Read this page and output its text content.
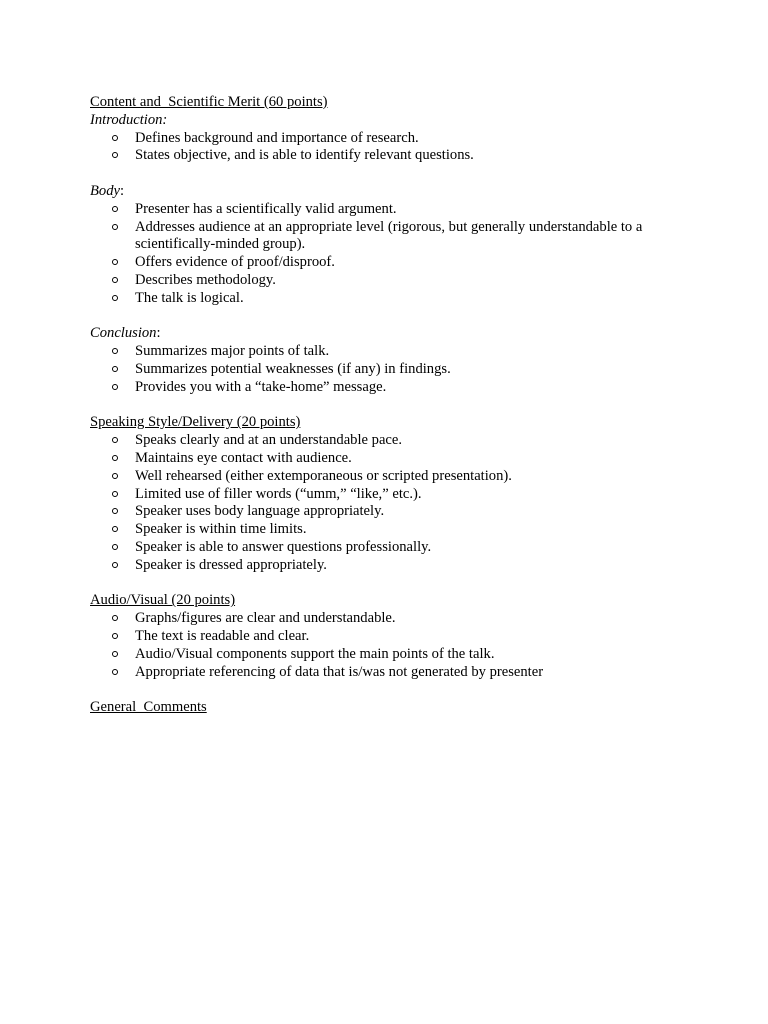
Content and  Scientific Merit (60 points)

Introduction:

Defines background and importance of research.
States objective, and is able to identify relevant questions.

Body:

Presenter has a scientifically valid argument.
Addresses audience at an appropriate level (rigorous, but generally understandable to a scientifically-minded group).
Offers evidence of proof/disproof.
Describes methodology.
The talk is logical.

Conclusion:

Summarizes major points of talk.
Summarizes potential weaknesses (if any) in findings.
Provides you with a “take-home” message.

Speaking Style/Delivery (20 points)

Speaks clearly and at an understandable pace.
Maintains eye contact with audience.
Well rehearsed (either extemporaneous or scripted presentation).
Limited use of filler words (“umm,” “like,” etc.).
Speaker uses body language appropriately.
Speaker is within time limits.
Speaker is able to answer questions professionally.
Speaker is dressed appropriately.

Audio/Visual (20 points)

Graphs/figures are clear and understandable.
The text is readable and clear.
Audio/Visual components support the main points of the talk.
Appropriate referencing of data that is/was not generated by presenter

General  Comments
